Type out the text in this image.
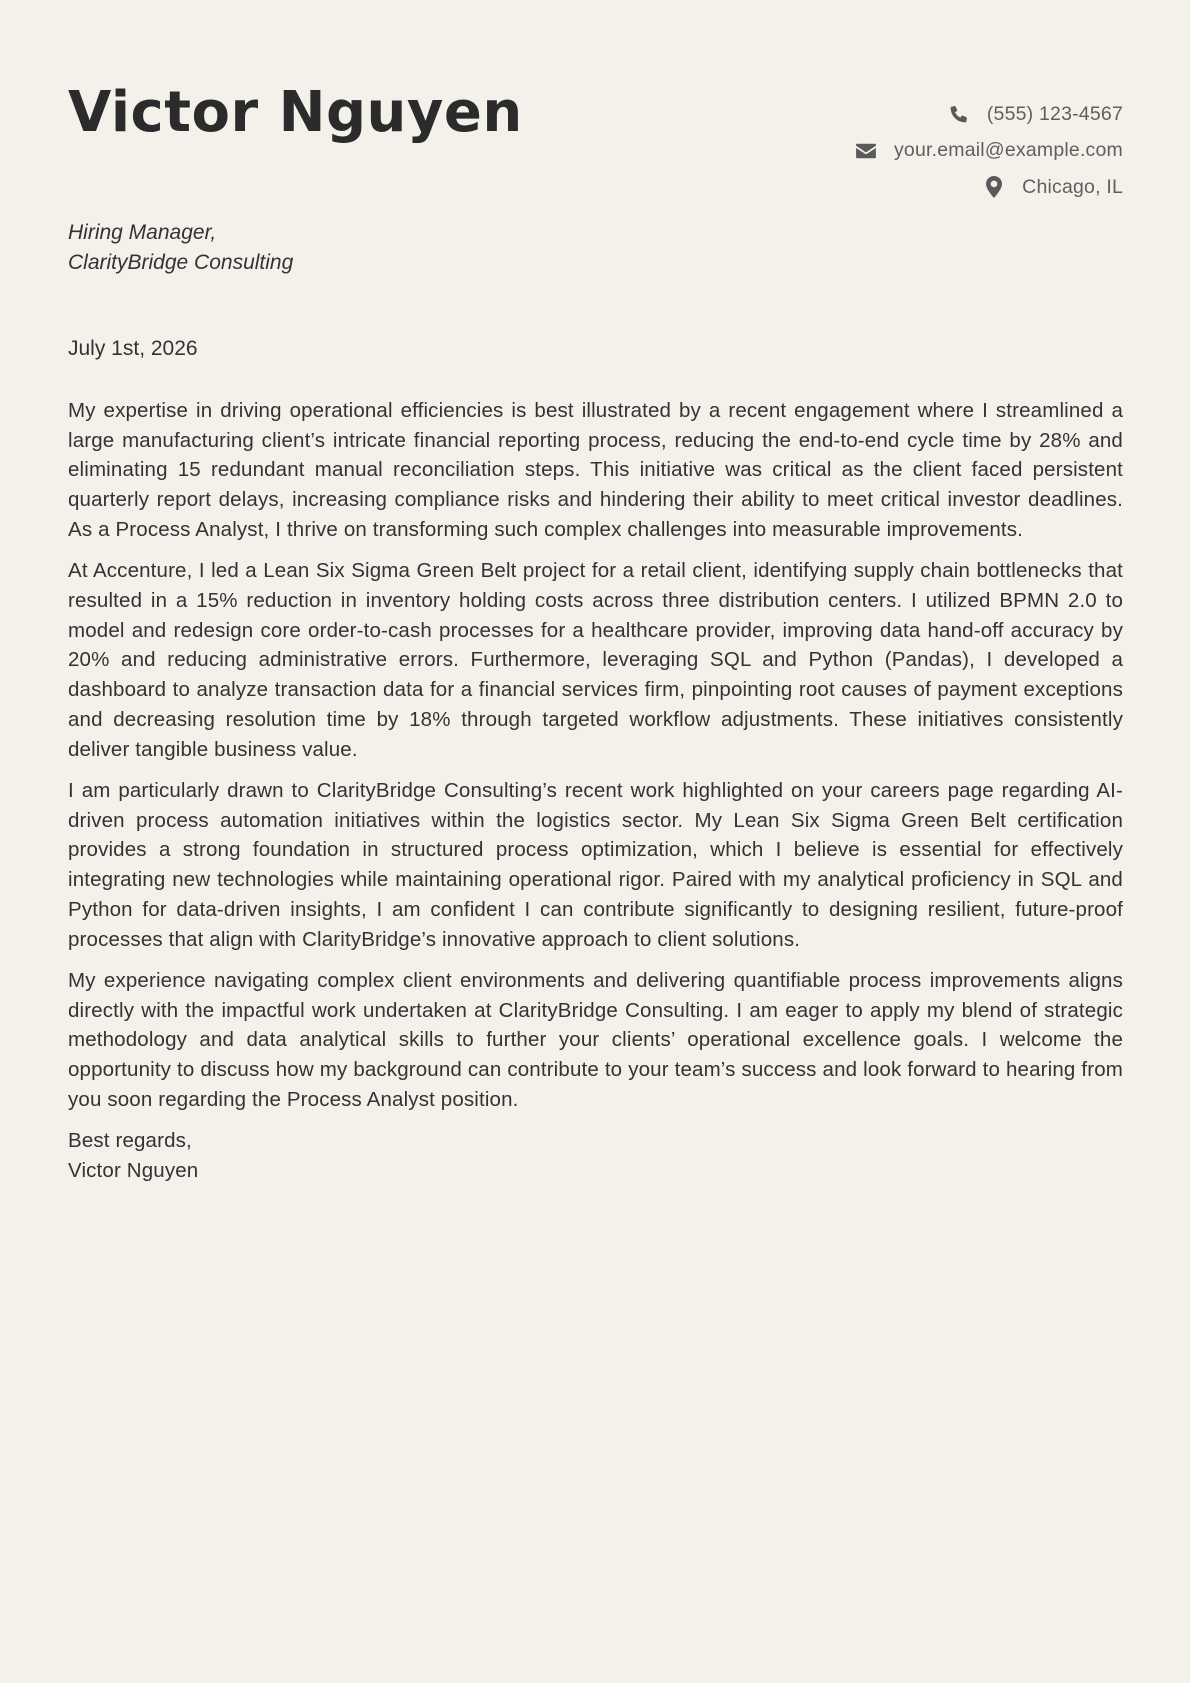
Victor Nguyen	(555) 123-4567
your.email@example.com
Chicago, IL
Hiring Manager,
ClarityBridge Consulting
July 1st, 2026

My expertise in driving operational efficiencies is best illustrated by a recent engagement where I streamlined a large manufacturing client’s intricate financial reporting process, reducing the end-to-end cycle time by 28% and eliminating 15 redundant manual reconciliation steps. This initiative was critical as the client faced persistent quarterly report delays, increasing compliance risks and hindering their ability to meet critical investor deadlines. As a Process Analyst, I thrive on transforming such complex challenges into measurable improvements.

At Accenture, I led a Lean Six Sigma Green Belt project for a retail client, identifying supply chain bottlenecks that resulted in a 15% reduction in inventory holding costs across three distribution centers. I utilized BPMN 2.0 to model and redesign core order-to-cash processes for a healthcare provider, improving data hand-off accuracy by 20% and reducing administrative errors. Furthermore, leveraging SQL and Python (Pandas), I developed a dashboard to analyze transaction data for a financial services firm, pinpointing root causes of payment exceptions and decreasing resolution time by 18% through targeted workflow adjustments. These initiatives consistently deliver tangible business value.

I am particularly drawn to ClarityBridge Consulting’s recent work highlighted on your careers page regarding AI-driven process automation initiatives within the logistics sector. My Lean Six Sigma Green Belt certification provides a strong foundation in structured process optimization, which I believe is essential for effectively integrating new technologies while maintaining operational rigor. Paired with my analytical proficiency in SQL and Python for data-driven insights, I am confident I can contribute significantly to designing resilient, future-proof processes that align with ClarityBridge’s innovative approach to client solutions.

My experience navigating complex client environments and delivering quantifiable process improvements aligns directly with the impactful work undertaken at ClarityBridge Consulting. I am eager to apply my blend of strategic methodology and data analytical skills to further your clients’ operational excellence goals. I welcome the opportunity to discuss how my background can contribute to your team’s success and look forward to hearing from you soon regarding the Process Analyst position.

Best regards,
Victor Nguyen
